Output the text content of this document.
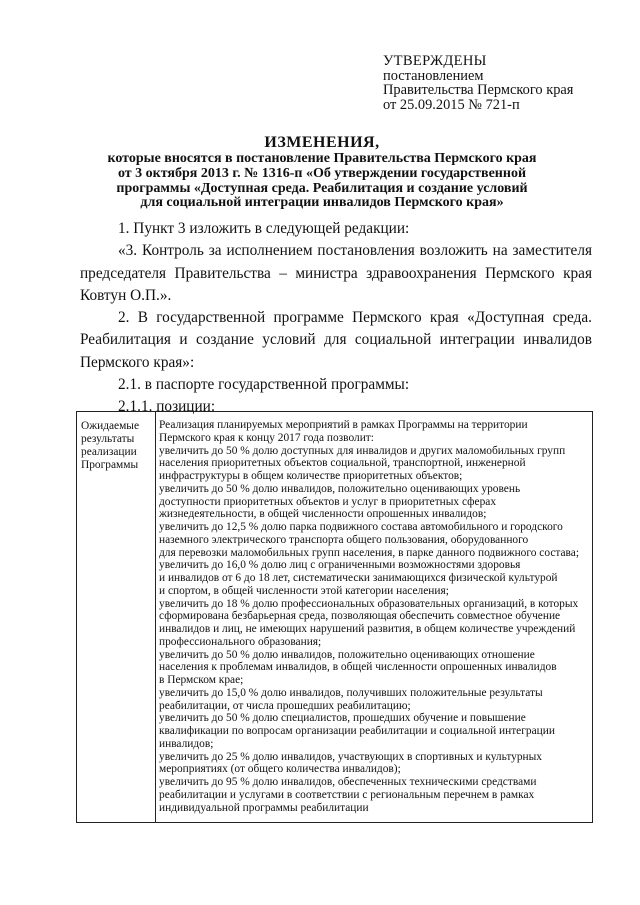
УТВЕРЖДЕНЫ
постановлением
Правительства Пермского края
от 25.09.2015 № 721-п
ИЗМЕНЕНИЯ,
которые вносятся в постановление Правительства Пермского края
от 3 октября 2013 г. № 1316-п «Об утверждении государственной
программы «Доступная среда. Реабилитация и создание условий
для социальной интеграции инвалидов Пермского края»

1. Пункт 3 изложить в следующей редакции:

«3. Контроль за исполнением постановления возложить на заместителя председателя Правительства – министра здравоохранения Пермского края Ковтун О.П.».

2. В государственной программе Пермского края «Доступная среда. Реабилитация и создание условий для социальной интеграции инвалидов Пермского края»:

2.1. в паспорте государственной программы:

2.1.1. позиции:

Ожидаемые
результаты
реализации
Программы
Реализация планируемых мероприятий в рамках Программы на территории
Пермского края к концу 2017 года позволит:
увеличить до 50 % долю доступных для инвалидов и других маломобильных групп
населения приоритетных объектов социальной, транспортной, инженерной
инфраструктуры в общем количестве приоритетных объектов;
увеличить до 50 % долю инвалидов, положительно оценивающих уровень
доступности приоритетных объектов и услуг в приоритетных сферах
жизнедеятельности, в общей численности опрошенных инвалидов;
увеличить до 12,5 % долю парка подвижного состава автомобильного и городского
наземного электрического транспорта общего пользования, оборудованного
для перевозки маломобильных групп населения, в парке данного подвижного состава;
увеличить до 16,0 % долю лиц с ограниченными возможностями здоровья
и инвалидов от 6 до 18 лет, систематически занимающихся физической культурой
и спортом, в общей численности этой категории населения;
увеличить до 18 % долю профессиональных образовательных организаций, в которых
сформирована безбарьерная среда, позволяющая обеспечить совместное обучение
инвалидов и лиц, не имеющих нарушений развития, в общем количестве учреждений
профессионального образования;
увеличить до 50 % долю инвалидов, положительно оценивающих отношение
населения к проблемам инвалидов, в общей численности опрошенных инвалидов
в Пермском крае;
увеличить до 15,0 % долю инвалидов, получивших положительные результаты
реабилитации, от числа прошедших реабилитацию;
увеличить до 50 % долю специалистов, прошедших обучение и повышение
квалификации по вопросам организации реабилитации и социальной интеграции
инвалидов;
увеличить до 25 % долю инвалидов, участвующих в спортивных и культурных
мероприятиях (от общего количества инвалидов);
увеличить до 95 % долю инвалидов, обеспеченных техническими средствами
реабилитации и услугами в соответствии с региональным перечнем в рамках
индивидуальной программы реабилитации
